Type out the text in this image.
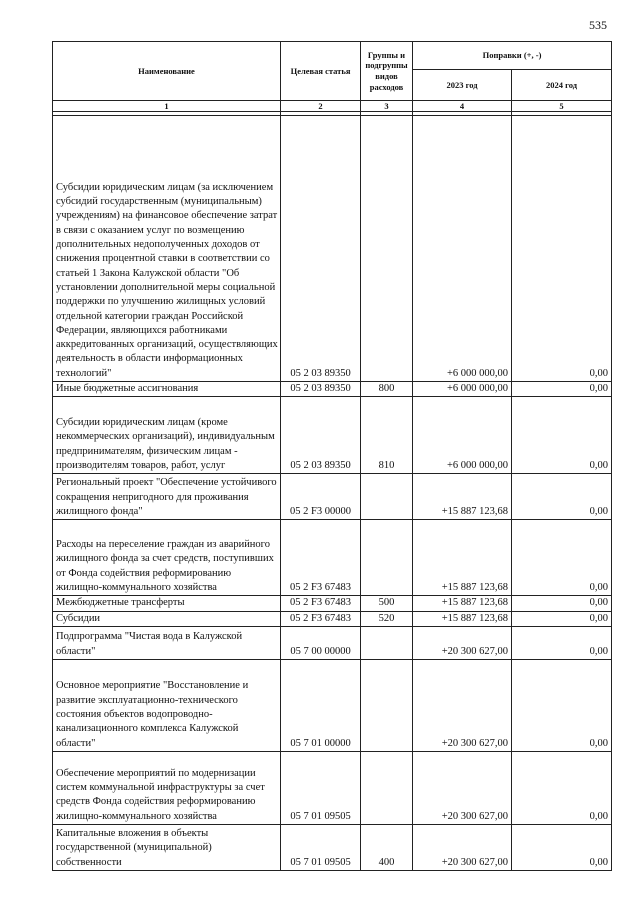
535
Наименование	Целевая статья	Группы и подгруппы видов расходов	Поправки (+, -)	
			2023 год	2024 год
1	2	3	4	5

Субсидии юридическим лицам (за исключением субсидий государственным (муниципальным) учреждениям) на финансовое обеспечение затрат в связи с оказанием услуг по возмещению дополнительных недополученных доходов от снижения процентной ставки в соответствии со статьей 1 Закона Калужской области "Об установлении дополнительной меры социальной поддержки по улучшению жилищных условий отдельной категории граждан Российской Федерации, являющихся работниками аккредитованных организаций, осуществляющих деятельность в области информационных технологий"	05 2 03 89350		+6 000 000,00	0,00
Иные бюджетные ассигнования	05 2 03 89350	800	+6 000 000,00	0,00
Субсидии юридическим лицам (кроме некоммерческих организаций), индивидуальным предпринимателям, физическим лицам - производителям товаров, работ, услуг	05 2 03 89350	810	+6 000 000,00	0,00
Региональный проект "Обеспечение устойчивого сокращения непригодного для проживания жилищного фонда"	05 2 F3 00000		+15 887 123,68	0,00
Расходы на переселение граждан из аварийного жилищного фонда за счет средств, поступивших от Фонда содействия реформированию жилищно-коммунального хозяйства	05 2 F3 67483		+15 887 123,68	0,00
Межбюджетные трансферты	05 2 F3 67483	500	+15 887 123,68	0,00
Субсидии	05 2 F3 67483	520	+15 887 123,68	0,00
Подпрограмма "Чистая вода в Калужской области"	05 7 00 00000		+20 300 627,00	0,00
Основное мероприятие "Восстановление и развитие эксплуатационно-технического состояния объектов водопроводно-канализационного комплекса Калужской области"	05 7 01 00000		+20 300 627,00	0,00
Обеспечение мероприятий по модернизации систем коммунальной инфраструктуры за счет средств Фонда содействия реформированию жилищно-коммунального хозяйства	05 7 01 09505		+20 300 627,00	0,00
Капитальные вложения в объекты государственной (муниципальной) собственности	05 7 01 09505	400	+20 300 627,00	0,00
